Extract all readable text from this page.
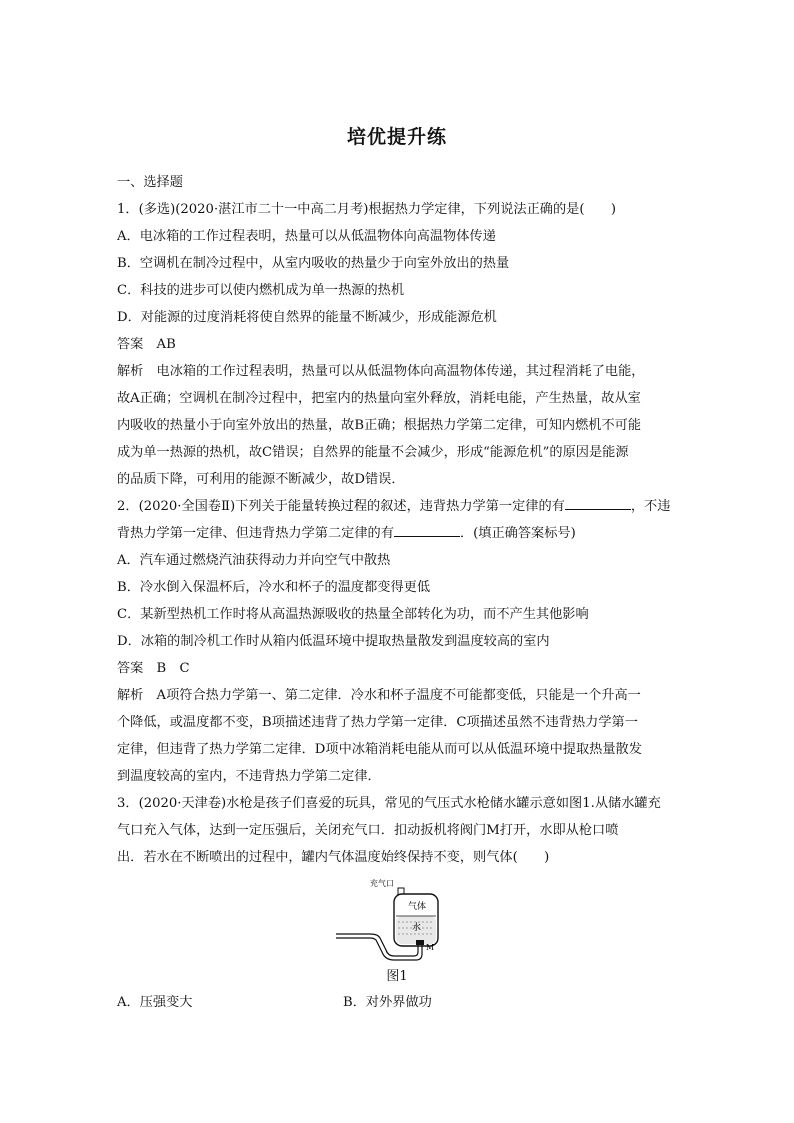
培优提升练
一、选择题
1．(多选)(2020·湛江市二十一中高二月考)根据热力学定律，下列说法正确的是(　　)
A．电冰箱的工作过程表明，热量可以从低温物体向高温物体传递
B．空调机在制冷过程中，从室内吸收的热量少于向室外放出的热量
C．科技的进步可以使内燃机成为单一热源的热机
D．对能源的过度消耗将使自然界的能量不断减少，形成能源危机
答案　AB
解析　电冰箱的工作过程表明，热量可以从低温物体向高温物体传递，其过程消耗了电能，
故A正确；空调机在制冷过程中，把室内的热量向室外释放，消耗电能，产生热量，故从室
内吸收的热量小于向室外放出的热量，故B正确；根据热力学第二定律，可知内燃机不可能
成为单一热源的热机，故C错误；自然界的能量不会减少，形成“能源危机”的原因是能源
的品质下降，可利用的能源不断减少，故D错误．
2．(2020·全国卷Ⅱ)下列关于能量转换过程的叙述，违背热力学第一定律的有	，不违
背热力学第一定律、但违背热力学第二定律的有	．(填正确答案标号)
A．汽车通过燃烧汽油获得动力并向空气中散热
B．冷水倒入保温杯后，冷水和杯子的温度都变得更低
C．某新型热机工作时将从高温热源吸收的热量全部转化为功，而不产生其他影响
D．冰箱的制冷机工作时从箱内低温环境中提取热量散发到温度较高的室内
答案　B　C
解析　A项符合热力学第一、第二定律．冷水和杯子温度不可能都变低，只能是一个升高一
个降低，或温度都不变，B项描述违背了热力学第一定律．C项描述虽然不违背热力学第一
定律，但违背了热力学第二定律．D项中冰箱消耗电能从而可以从低温环境中提取热量散发
到温度较高的室内，不违背热力学第二定律．
3．(2020·天津卷)水枪是孩子们喜爱的玩具，常见的气压式水枪储水罐示意如图1.从储水罐充
气口充入气体，达到一定压强后，关闭充气口．扣动扳机将阀门M打开，水即从枪口喷
出．若水在不断喷出的过程中，罐内气体温度始终保持不变，则气体(　　)
M
充气口
气体
水
图1
A．压强变大	B．对外界做功
